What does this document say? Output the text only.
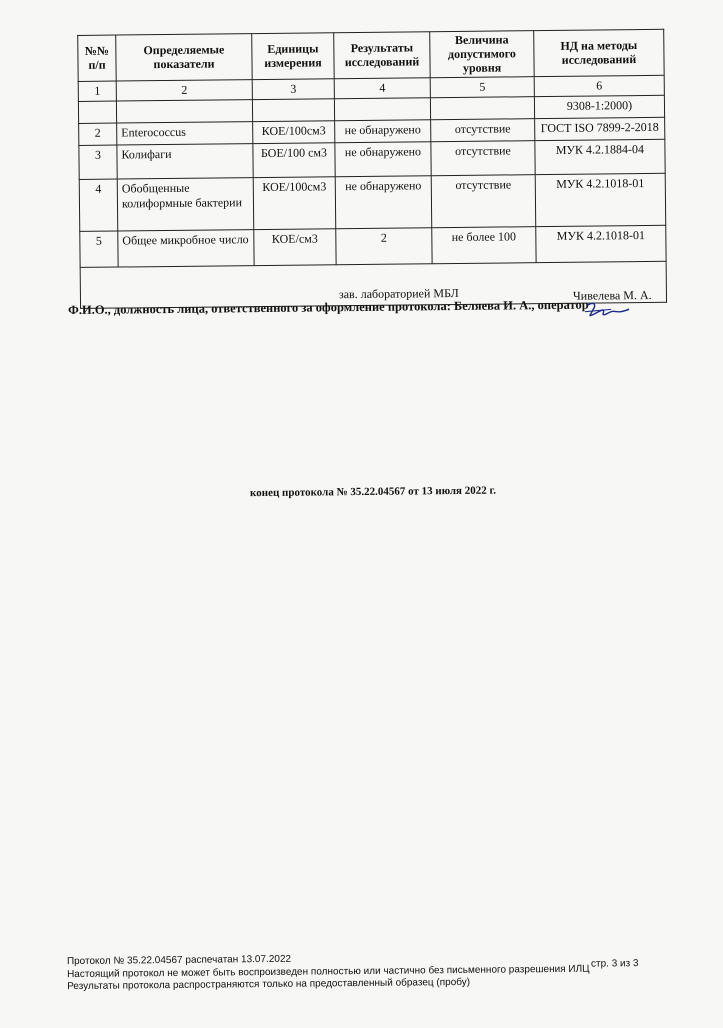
№№ п/п	Определяемые показатели	Единицы измерения	Результаты исследований	Величина допустимого уровня	НД на методы исследований
1	2	3	4	5	6
					9308-1:2000)
2	Enterococcus	КОЕ/100см3	не обнаружено	отсутствие	ГОСТ ISO 7899-2-2018
3	Колифаги	БОЕ/100 см3	не обнаружено	отсутствие	МУК 4.2.1884-04
4	Обобщенные колиформные бактерии	КОЕ/100см3	не обнаружено	отсутствие	МУК 4.2.1018-01
5	Общее микробное число	КОЕ/см3	2	не более 100	МУК 4.2.1018-01

зав. лабораторией МБЛ Чивелева М. А.					
Ф.И.О., должность лица, ответственного за оформление протокола: Беляева И. А., оператор
конец протокола № 35.22.04567 от 13 июля 2022 г.
Протокол № 35.22.04567 распечатан 13.07.2022
Настоящий протокол не может быть воспроизведен полностью или частично без письменного разрешения ИЛЦ
Результаты протокола распространяются только на предоставленный образец (пробу)
стр. 3 из 3
